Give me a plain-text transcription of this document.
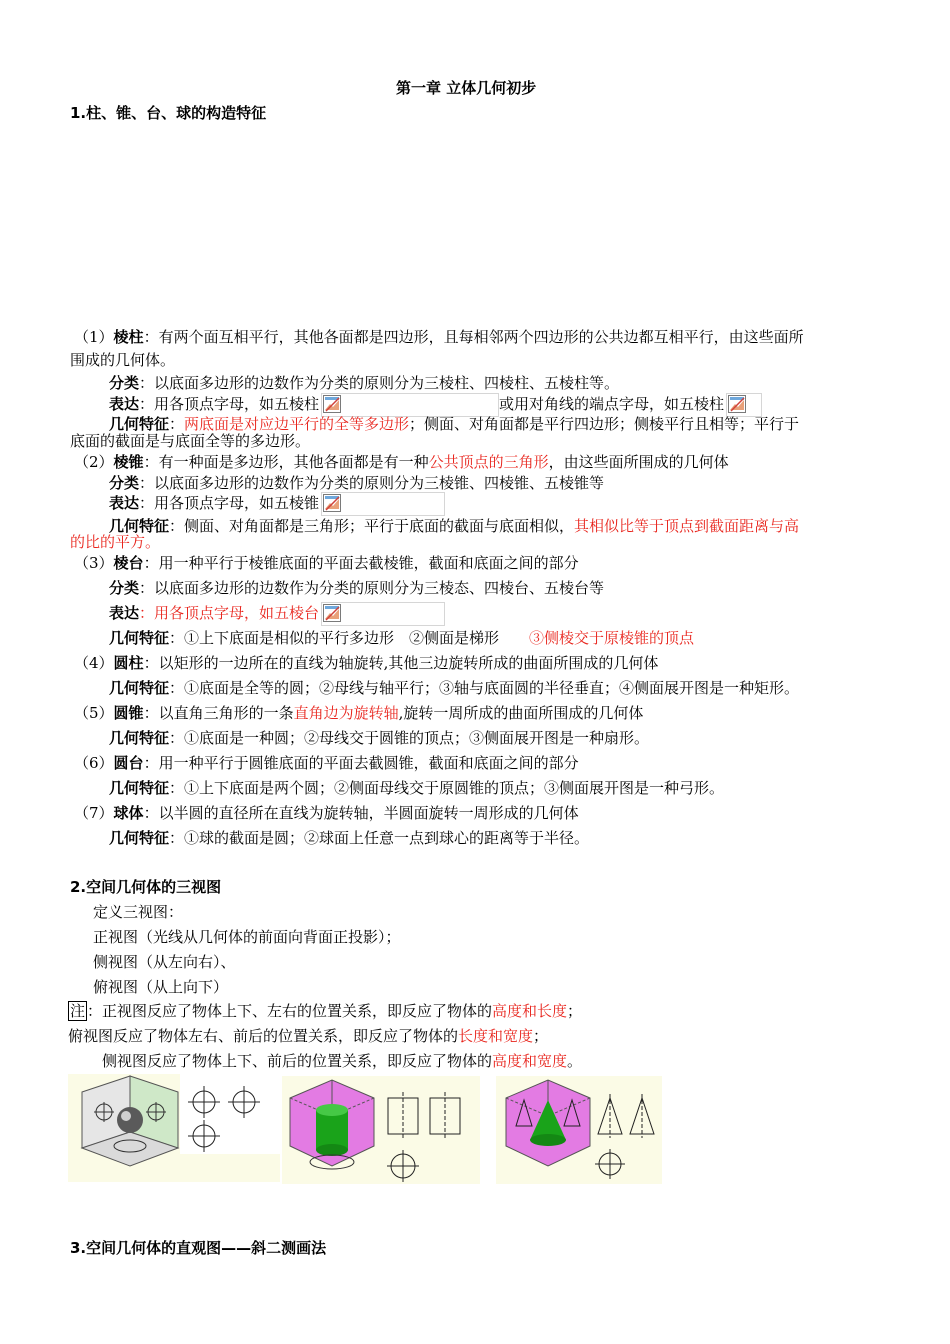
第一章 立体几何初步
1.柱、锥、台、球的构造特征
（1）棱柱：有两个面互相平行，其他各面都是四边形，且每相邻两个四边形的公共边都互相平行，由这些面所
围成的几何体。
分类：以底面多边形的边数作为分类的原则分为三棱柱、四棱柱、五棱柱等。
表达：用各顶点字母，如五棱柱	或用对角线的端点字母，如五棱柱
几何特征：两底面是对应边平行的全等多边形；侧面、对角面都是平行四边形；侧棱平行且相等；平行于
底面的截面是与底面全等的多边形。
（2）棱锥：有一种面是多边形，其他各面都是有一种公共顶点的三角形，由这些面所围成的几何体
分类：以底面多边形的边数作为分类的原则分为三棱锥、四棱锥、五棱锥等
表达：用各顶点字母，如五棱锥
几何特征：侧面、对角面都是三角形；平行于底面的截面与底面相似，其相似比等于顶点到截面距离与高
的比的平方。
（3）棱台：用一种平行于棱锥底面的平面去截棱锥，截面和底面之间的部分
分类：以底面多边形的边数作为分类的原则分为三棱态、四棱台、五棱台等
表达：用各顶点字母，如五棱台
几何特征：①上下底面是相似的平行多边形　②侧面是梯形　　③侧棱交于原棱锥的顶点
（4）圆柱：以矩形的一边所在的直线为轴旋转,其他三边旋转所成的曲面所围成的几何体
几何特征：①底面是全等的圆；②母线与轴平行；③轴与底面圆的半径垂直；④侧面展开图是一种矩形。
（5）圆锥：以直角三角形的一条直角边为旋转轴,旋转一周所成的曲面所围成的几何体
几何特征：①底面是一种圆；②母线交于圆锥的顶点；③侧面展开图是一种扇形。
（6）圆台：用一种平行于圆锥底面的平面去截圆锥，截面和底面之间的部分
几何特征：①上下底面是两个圆；②侧面母线交于原圆锥的顶点；③侧面展开图是一种弓形。
（7）球体：以半圆的直径所在直线为旋转轴，半圆面旋转一周形成的几何体
几何特征：①球的截面是圆；②球面上任意一点到球心的距离等于半径。
2.空间几何体的三视图
定义三视图：
正视图（光线从几何体的前面向背面正投影）；
侧视图（从左向右）、
俯视图（从上向下）
注 ：正视图反应了物体上下、左右的位置关系，即反应了物体的高度和长度；
俯视图反应了物体左右、前后的位置关系，即反应了物体的长度和宽度；
侧视图反应了物体上下、前后的位置关系，即反应了物体的高度和宽度。
3.空间几何体的直观图——斜二测画法
